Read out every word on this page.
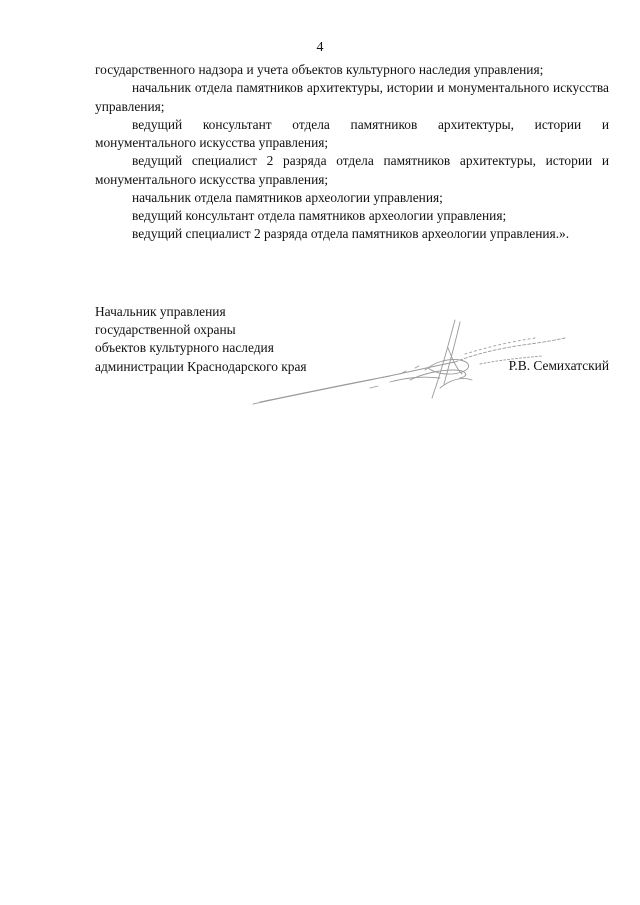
4

государственного надзора и учета объектов культурного наследия управления;

начальник отдела памятников архитектуры, истории и монументального искусства управления;

ведущий консультант отдела памятников архитектуры, истории и монументального искусства управления;

ведущий специалист 2 разряда отдела памятников архитектуры, истории и монументального искусства управления;

начальник отдела памятников археологии управления;

ведущий консультант отдела памятников археологии управления;

ведущий специалист 2 разряда отдела памятников археологии управления.».

Начальник управления
государственной охраны
объектов культурного наследия
администрации Краснодарского края	Р.В. Семихатский
